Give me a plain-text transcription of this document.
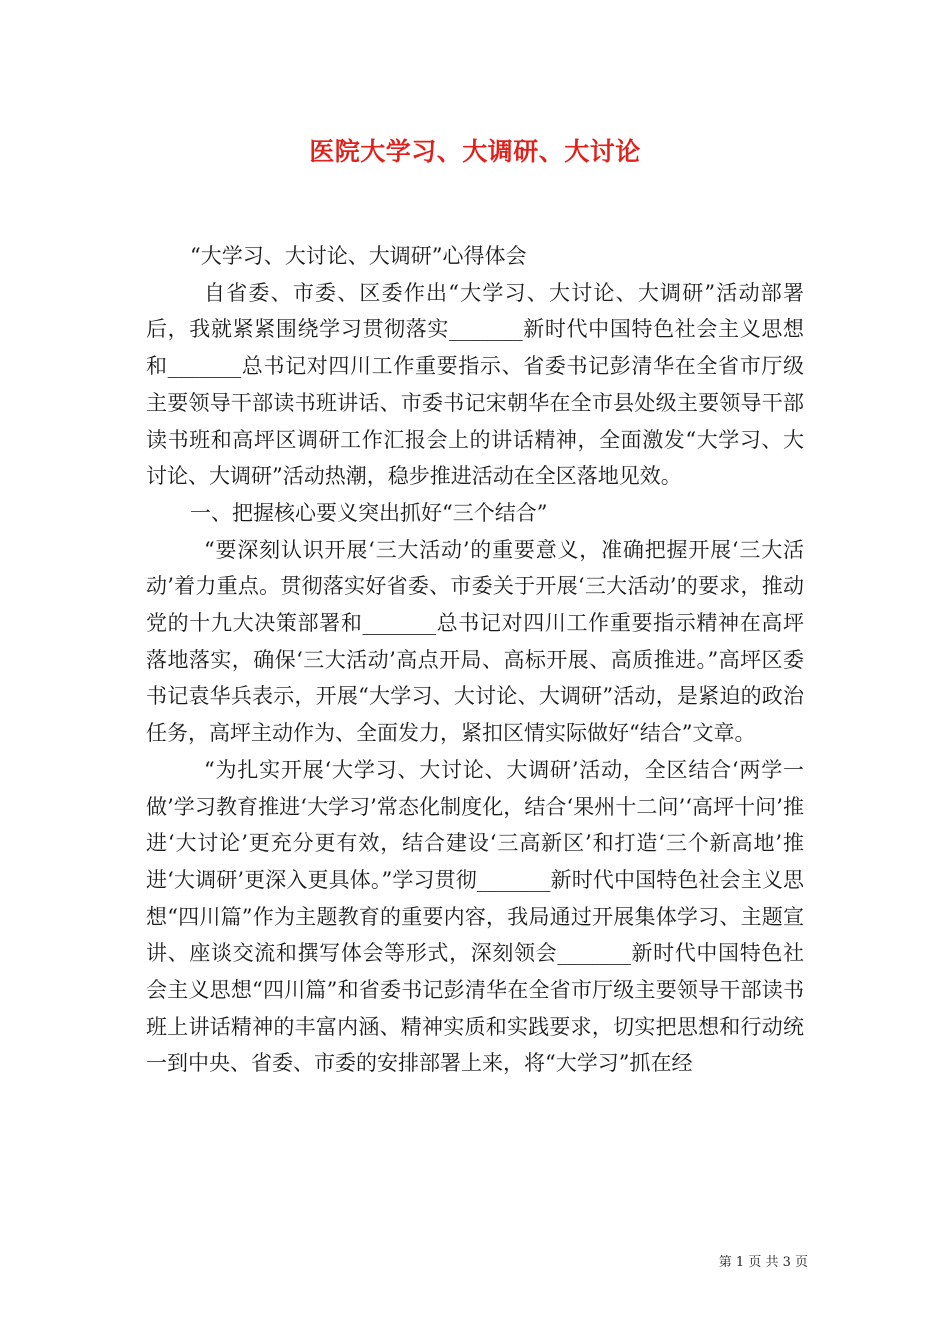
医院大学习、大调研、大讨论

“大学习、大讨论、大调研”心得体会

自省委、市委、区委作出“大学习、大讨论、大调研”活动部署后，我就紧紧围绕学习贯彻落实_______新时代中国特色社会主义思想和_______总书记对四川工作重要指示、省委书记彭清华在全省市厅级主要领导干部读书班讲话、市委书记宋朝华在全市县处级主要领导干部读书班和高坪区调研工作汇报会上的讲话精神，全面激发“大学习、大讨论、大调研”活动热潮，稳步推进活动在全区落地见效。

一、把握核心要义突出抓好“三个结合”

“要深刻认识开展‘三大活动’的重要意义，准确把握开展‘三大活动’着力重点。贯彻落实好省委、市委关于开展‘三大活动’的要求，推动党的十九大决策部署和_______总书记对四川工作重要指示精神在高坪落地落实，确保‘三大活动’高点开局、高标开展、高质推进。”高坪区委书记袁华兵表示，开展“大学习、大讨论、大调研”活动，是紧迫的政治任务，高坪主动作为、全面发力，紧扣区情实际做好“结合”文章。

“为扎实开展‘大学习、大讨论、大调研’活动，全区结合‘两学一做’学习教育推进‘大学习’常态化制度化，结合‘果州十二问’‘高坪十问’推进‘大讨论’更充分更有效，结合建设‘三高新区’和打造‘三个新高地’推进‘大调研’更深入更具体。”学习贯彻_______新时代中国特色社会主义思想“四川篇”作为主题教育的重要内容，我局通过开展集体学习、主题宣讲、座谈交流和撰写体会等形式，深刻领会_______新时代中国特色社会主义思想“四川篇”和省委书记彭清华在全省市厅级主要领导干部读书班上讲话精神的丰富内涵、精神实质和实践要求，切实把思想和行动统一到中央、省委、市委的安排部署上来，将“大学习”抓在经

第 1 页 共 3 页
